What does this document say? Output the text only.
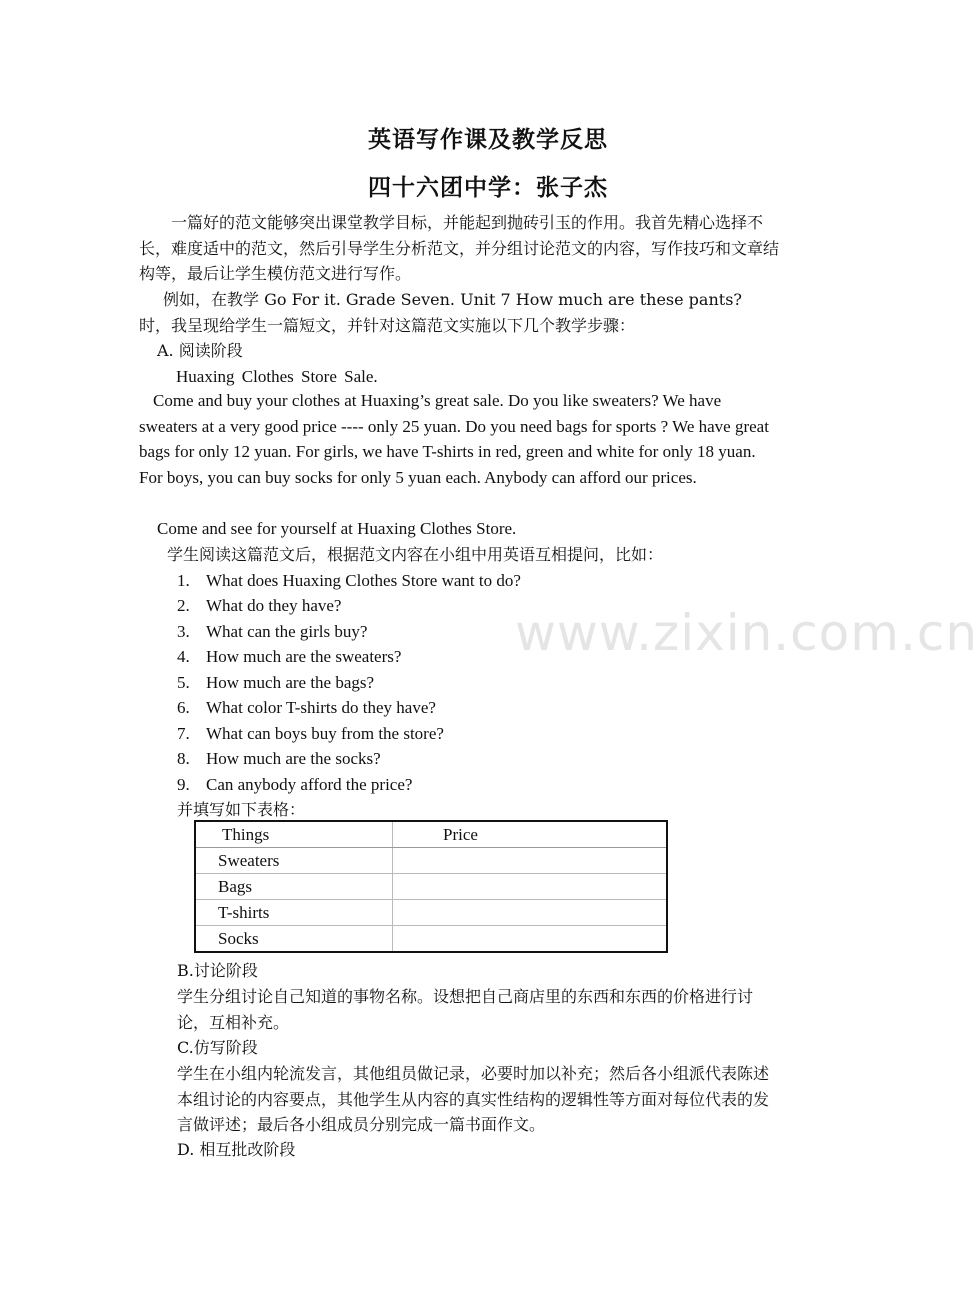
英语写作课及教学反思
四十六团中学：张子杰
一篇好的范文能够突出课堂教学目标，并能起到抛砖引玉的作用。我首先精心选择不长，难度适中的范文，然后引导学生分析范文，并分组讨论范文的内容，写作技巧和文章结构等，最后让学生模仿范文进行写作。
例如，在教学 Go For it. Grade Seven. Unit 7 How much are these pants? 时，我呈现给学生一篇短文，并针对这篇范文实施以下几个教学步骤：
A. 阅读阶段
Huaxing Clothes Store Sale.
Come and buy your clothes at Huaxing’s great sale. Do you like sweaters? We have sweaters at a very good price ---- only 25 yuan. Do you need bags for sports ? We have great bags for only 12 yuan. For girls, we have T-shirts in red, green and white for only 18 yuan. For boys, you can buy socks for only 5 yuan each. Anybody can afford our prices.
Come and see for yourself at Huaxing Clothes Store.
学生阅读这篇范文后，根据范文内容在小组中用英语互相提问，比如：
1. What does Huaxing Clothes Store want to do?
2. What do they have?
3. What can the girls buy?
4. How much are the sweaters?
5. How much are the bags?
6. What color T-shirts do they have?
7. What can boys buy from the store?
8. How much are the socks?
9. Can anybody afford the price?
并填写如下表格：
Things	Price
Sweaters	
Bags	
T-shirts	
Socks	
B.讨论阶段
学生分组讨论自己知道的事物名称。设想把自己商店里的东西和东西的价格进行讨论，互相补充。
C.仿写阶段
学生在小组内轮流发言，其他组员做记录，必要时加以补充；然后各小组派代表陈述本组讨论的内容要点，其他学生从内容的真实性结构的逻辑性等方面对每位代表的发言做评述；最后各小组成员分别完成一篇书面作文。
D. 相互批改阶段
www.zixin.com.cn
